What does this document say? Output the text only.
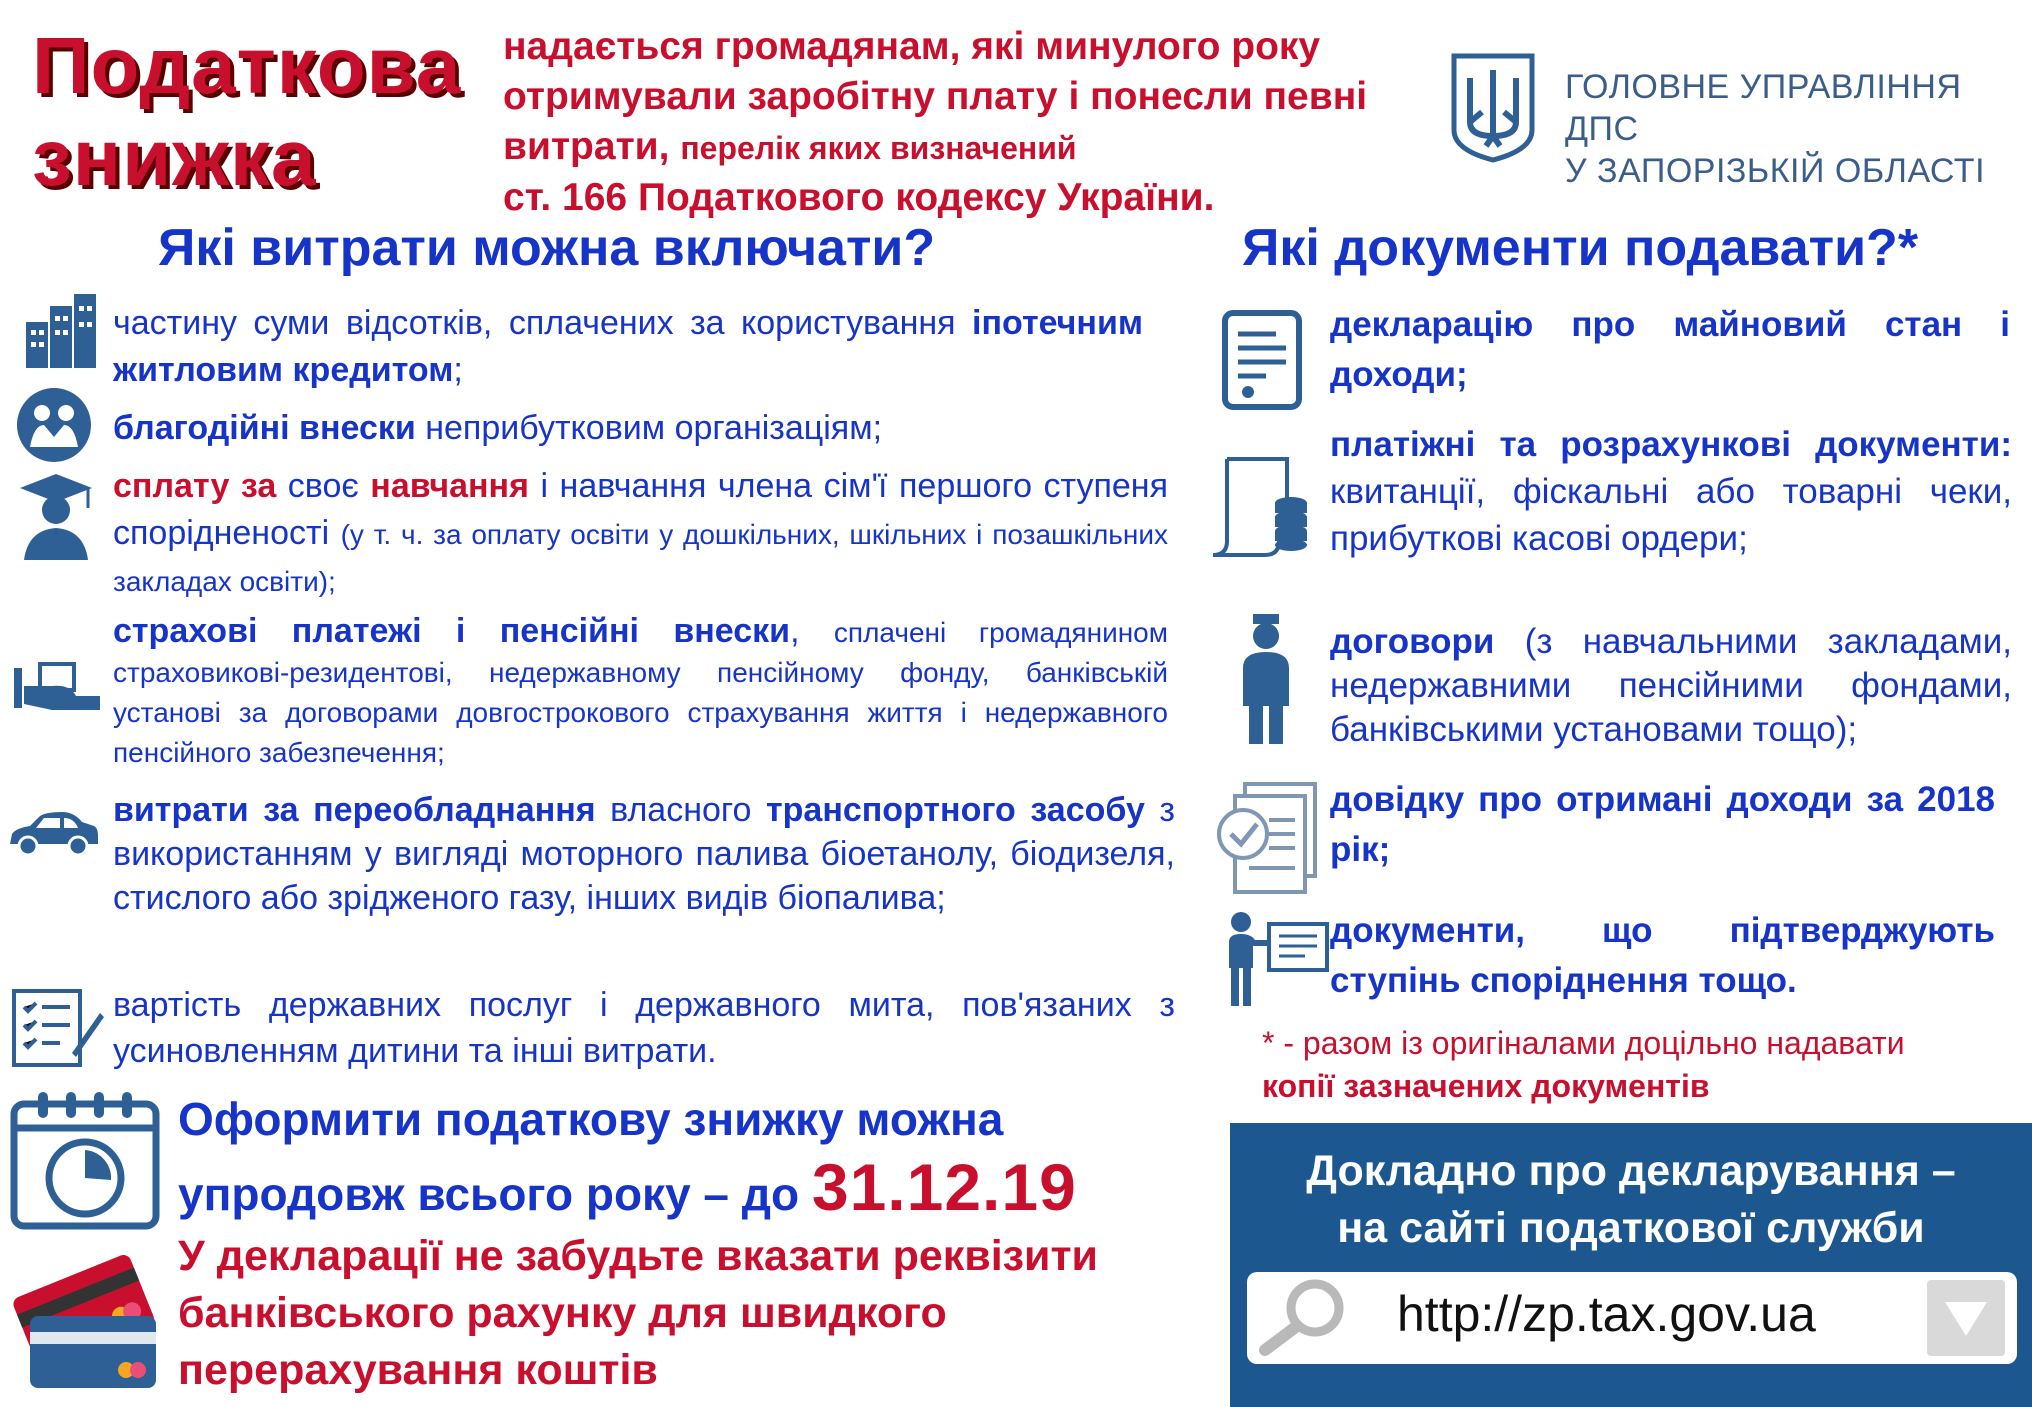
Податкова
знижка
надається громадянам, які минулого року отримували заробітну плату і понесли певні витрати, перелік яких визначений
ст. 166 Податкового кодексу України.
ГОЛОВНЕ УПРАВЛІННЯ ДПС
У ЗАПОРІЗЬКІЙ ОБЛАСТІ
Які витрати можна включати?	Які документи подавати?*
частину суми відсотків, сплачених за користування іпотечним житловим кредитом;
благодійні внески неприбутковим організаціям;
сплату за своє навчання і навчання члена сім'ї першого ступеня спорідненості (у т. ч. за оплату освіти у дошкільних, шкільних і позашкільних закладах освіти);
страхові платежі і пенсійні внески, сплачені громадянином страховикові-резидентові, недержавному пенсійному фонду, банківській установі за договорами довгострокового страхування життя і недержавного пенсійного забезпечення;
витрати за переобладнання власного транспортного засобу з використанням у вигляді моторного палива біоетанолу, біодизеля, стислого або зрідженого газу, інших видів біопалива;
вартість державних послуг і державного мита, пов'язаних з усиновленням дитини та інші витрати.
декларацію про майновий стан і доходи;
платіжні та розрахункові документи: квитанції, фіскальні або товарні чеки, прибуткові касові ордери;
договори (з навчальними закладами, недержавними пенсійними фондами, банківськими установами тощо);
довідку про отримані доходи за 2018 рік;
документи, що підтверджують ступінь споріднення тощо.
* - разом із оригіналами доцільно надавати
копії зазначених документів
Оформити податкову знижку можна
упродовж всього року – до 31.12.19
У декларації не забудьте вказати реквізити банківського рахунку для швидкого перерахування коштів
Докладно про декларування –
на сайті податкової служби
http://zp.tax.gov.ua
